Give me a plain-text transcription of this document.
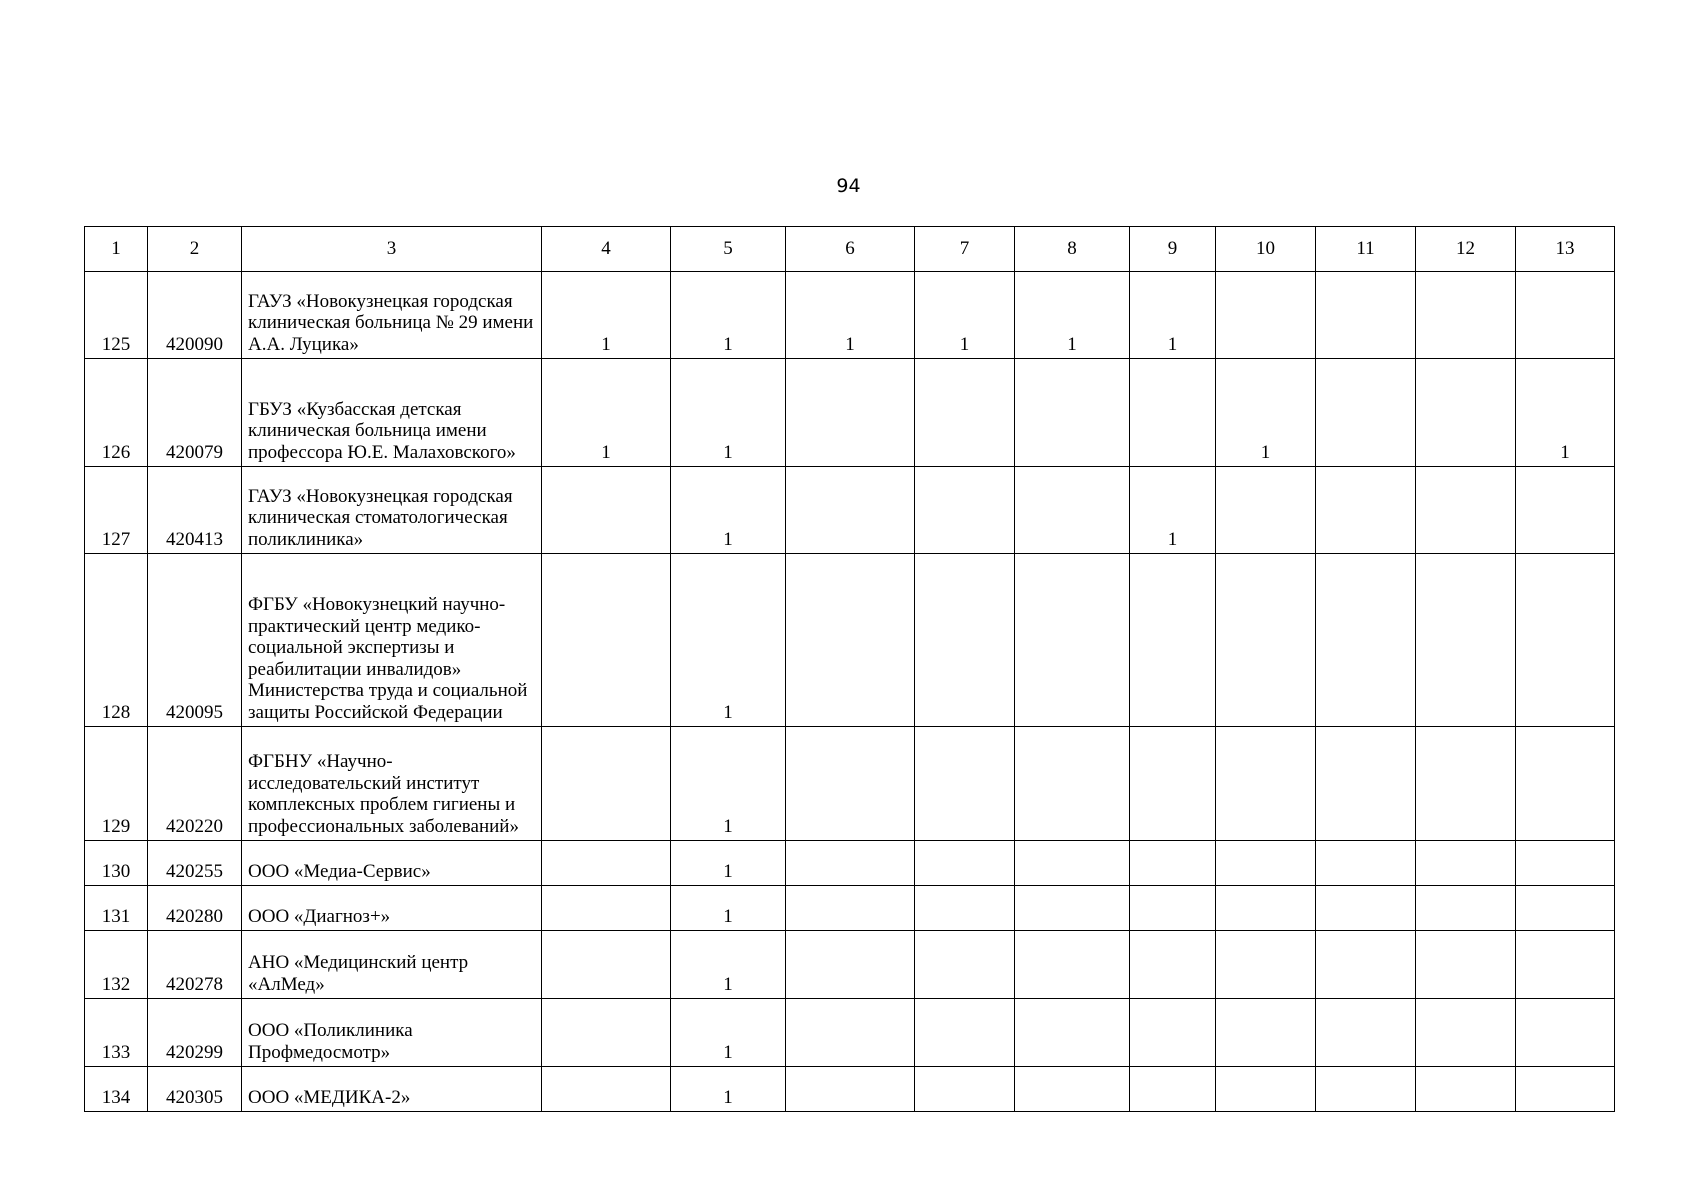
94
1	2	3	4	5	6	7	8	9	10	11	12	13
125	420090	ГАУЗ «Новокузнецкая городская клиническая больница № 29 имени А.А. Луцика»	1	1	1	1	1	1				
126	420079	ГБУЗ «Кузбасская детская клиническая больница имени профессора Ю.Е. Малаховского»	1	1					1			1
127	420413	ГАУЗ «Новокузнецкая городская клиническая стоматологическая поликлиника»		1				1				
128	420095	ФГБУ «Новокузнецкий научно-практический центр медико-социальной экспертизы и реабилитации инвалидов» Министерства труда и социальной защиты Российской Федерации		1								
129	420220	ФГБНУ «Научно-исследовательский институт комплексных проблем гигиены и профессиональных заболеваний»		1								
130	420255	ООО «Медиа-Сервис»		1								
131	420280	ООО «Диагноз+»		1								
132	420278	АНО «Медицинский центр «АлМед»		1								
133	420299	ООО «Поликлиника Профмедосмотр»		1								
134	420305	ООО «МЕДИКА-2»		1								
